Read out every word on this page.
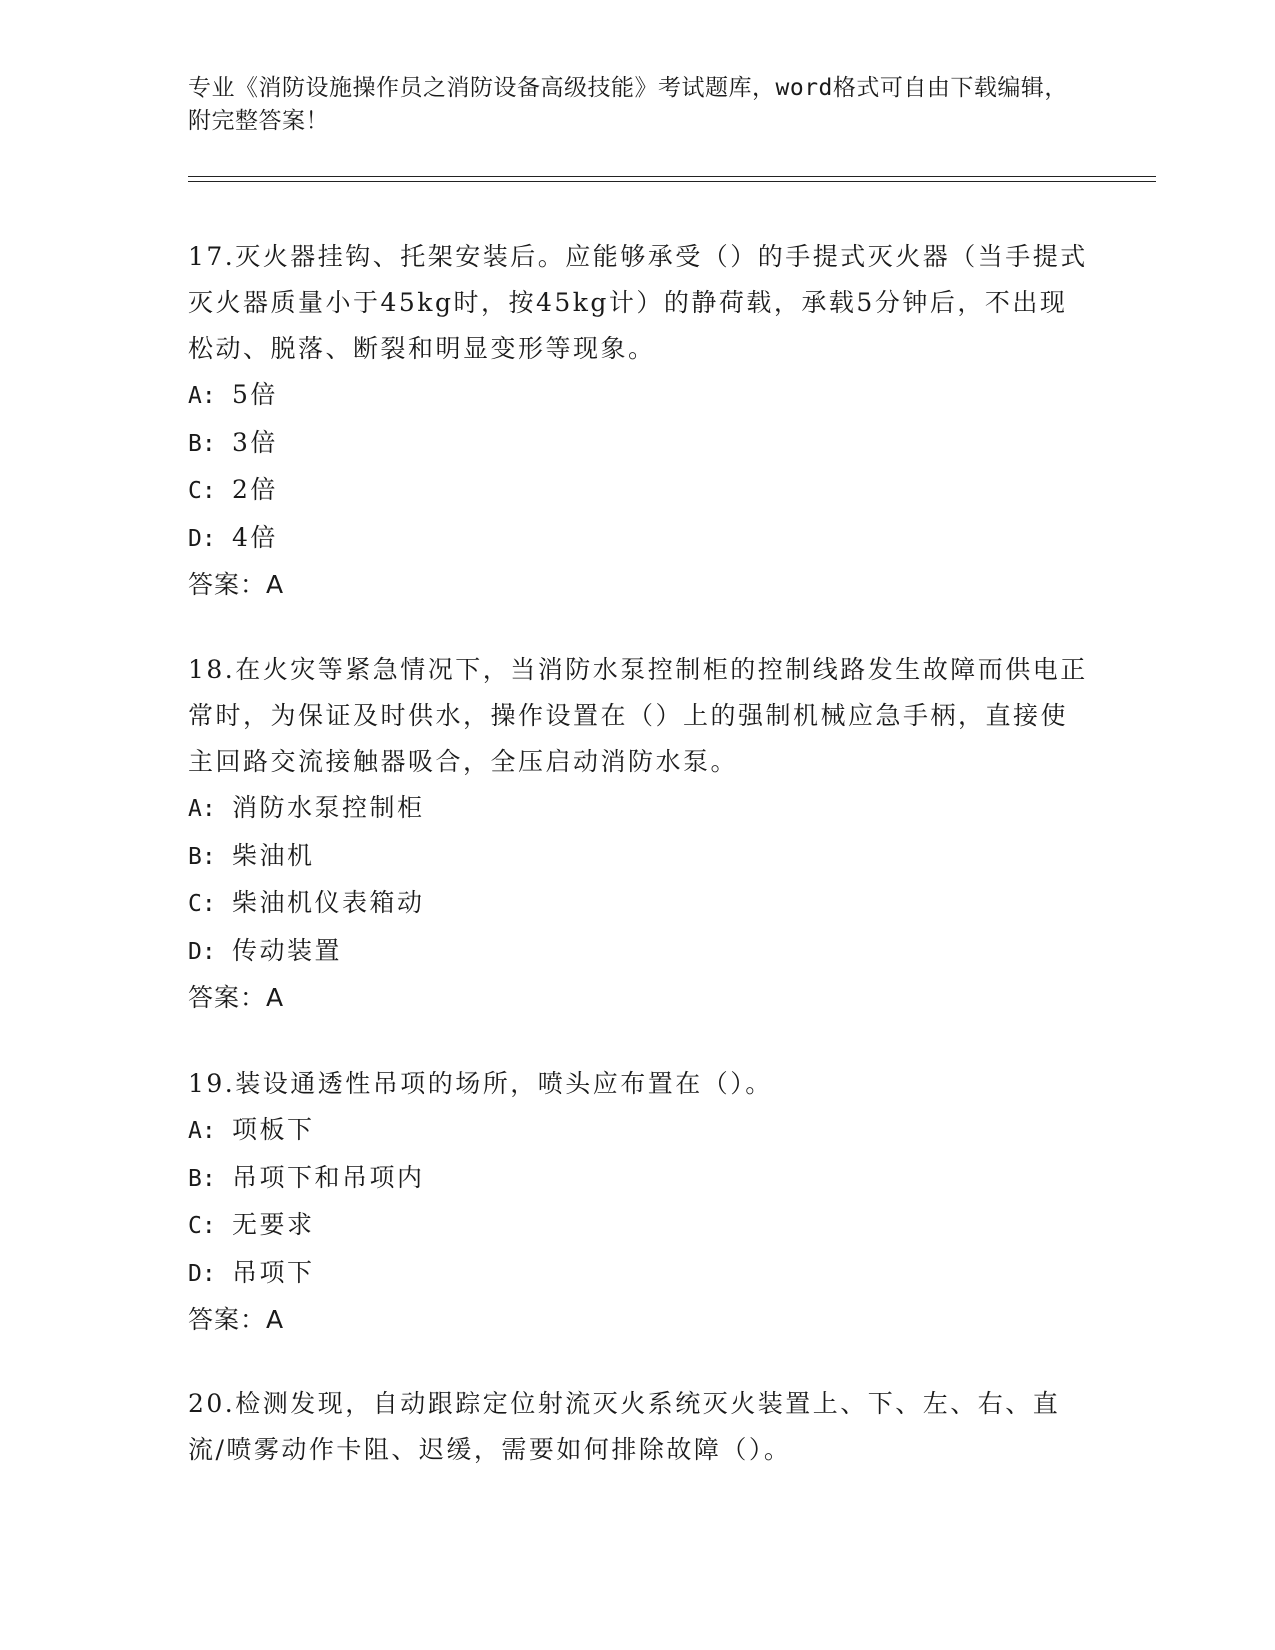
专业《消防设施操作员之消防设备高级技能》考试题库，word格式可自由下载编辑，附完整答案！

17.灭火器挂钩、托架安装后。应能够承受（）的手提式灭火器（当手提式灭火器质量小于45kg时，按45kg计）的静荷载，承载5分钟后，不出现松动、脱落、断裂和明显变形等现象。

A: 5倍

B: 3倍

C: 2倍

D: 4倍

答案：A

18.在火灾等紧急情况下，当消防水泵控制柜的控制线路发生故障而供电正常时，为保证及时供水，操作设置在（）上的强制机械应急手柄，直接使主回路交流接触器吸合，全压启动消防水泵。

A: 消防水泵控制柜

B: 柴油机

C: 柴油机仪表箱动

D: 传动装置

答案：A

19.装设通透性吊项的场所，喷头应布置在（）。

A: 项板下

B: 吊项下和吊项内

C: 无要求

D: 吊项下

答案：A

20.检测发现，自动跟踪定位射流灭火系统灭火装置上、下、左、右、直流/喷雾动作卡阻、迟缓，需要如何排除故障（）。
